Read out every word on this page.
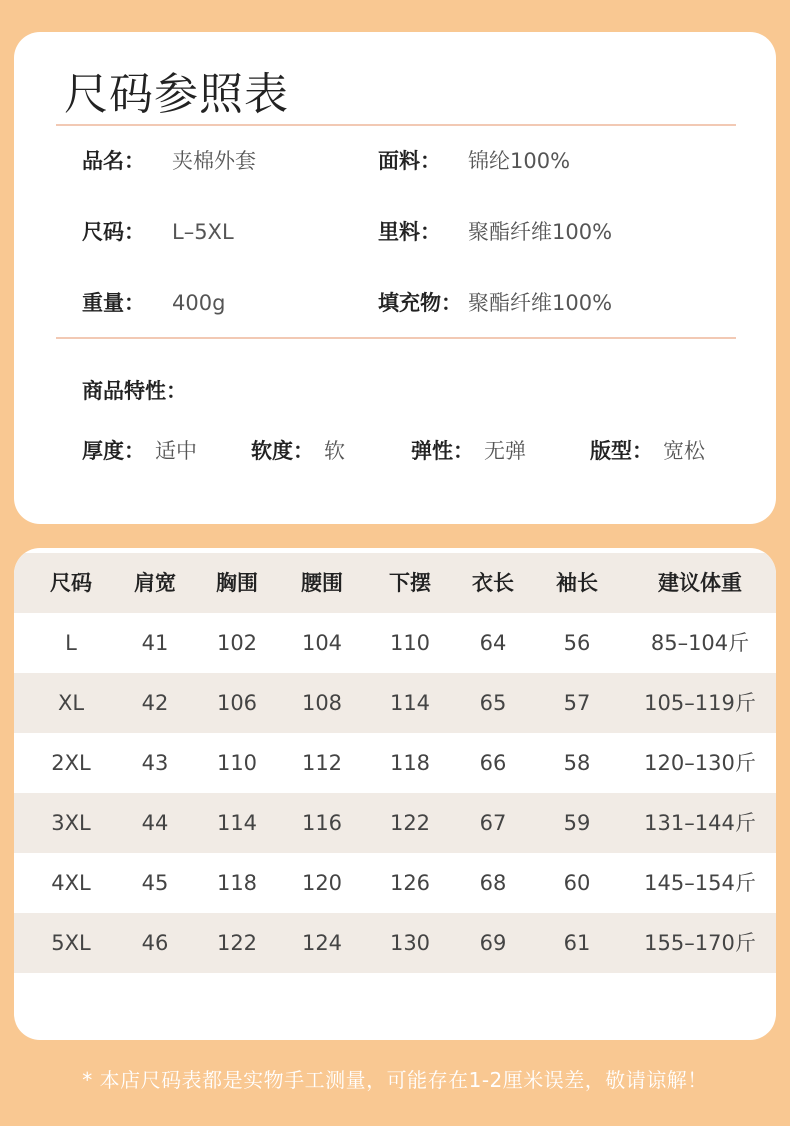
尺码参照表
品名： 夹棉外套	面料： 锦纶100%
尺码： L–5XL	里料： 聚酯纤维100%
重量： 400g	填充物： 聚酯纤维100%
商品特性：
厚度： 适中	软度： 软	弹性： 无弹	版型： 宽松
尺码	肩宽	胸围	腰围	下摆	衣长	袖长	建议体重
L	41	102	104	110	64	56	85–104斤
XL	42	106	108	114	65	57	105–119斤
2XL	43	110	112	118	66	58	120–130斤
3XL	44	114	116	122	67	59	131–144斤
4XL	45	118	120	126	68	60	145–154斤
5XL	46	122	124	130	69	61	155–170斤
* 本店尺码表都是实物手工测量，可能存在1-2厘米误差，敬请谅解！
